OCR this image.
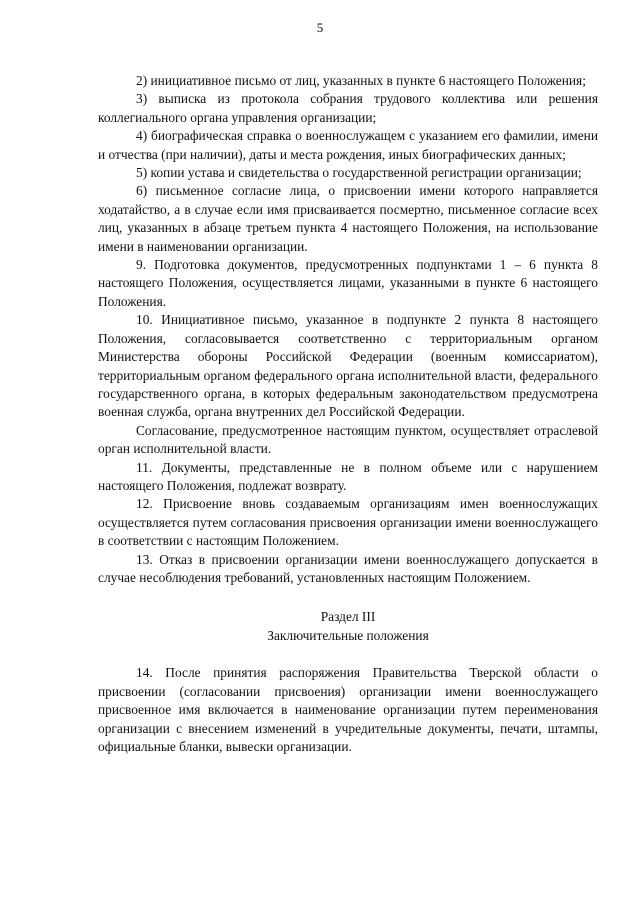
5

2) инициативное письмо от лиц, указанных в пункте 6 настоящего Положения;

3) выписка из протокола собрания трудового коллектива или решения коллегиального органа управления организации;

4) биографическая справка о военнослужащем с указанием его фамилии, имени и отчества (при наличии), даты и места рождения, иных биографических данных;

5) копии устава и свидетельства о государственной регистрации организации;

6) письменное согласие лица, о присвоении имени которого направляется ходатайство, а в случае если имя присваивается посмертно, письменное согласие всех лиц, указанных в абзаце третьем пункта 4 настоящего Положения, на использование имени в наименовании организации.

9. Подготовка документов, предусмотренных подпунктами 1 – 6 пункта 8 настоящего Положения, осуществляется лицами, указанными в пункте 6 настоящего Положения.

10. Инициативное письмо, указанное в подпункте 2 пункта 8 настоящего Положения, согласовывается соответственно с территориальным органом Министерства обороны Российской Федерации (военным комиссариатом), территориальным органом федерального органа исполнительной власти, федерального государственного органа, в которых федеральным законодательством предусмотрена военная служба, органа внутренних дел Российской Федерации.

Согласование, предусмотренное настоящим пунктом, осуществляет отраслевой орган исполнительной власти.

11. Документы, представленные не в полном объеме или с нарушением настоящего Положения, подлежат возврату.

12. Присвоение вновь создаваемым организациям имен военнослужащих осуществляется путем согласования присвоения организации имени военнослужащего в соответствии с настоящим Положением.

13. Отказ в присвоении организации имени военнослужащего допускается в случае несоблюдения требований, установленных настоящим Положением.

Раздел III
Заключительные положения

14. После принятия распоряжения Правительства Тверской области о присвоении (согласовании присвоения) организации имени военнослужащего присвоенное имя включается в наименование организации путем переименования организации с внесением изменений в учредительные документы, печати, штампы, официальные бланки, вывески организации.
